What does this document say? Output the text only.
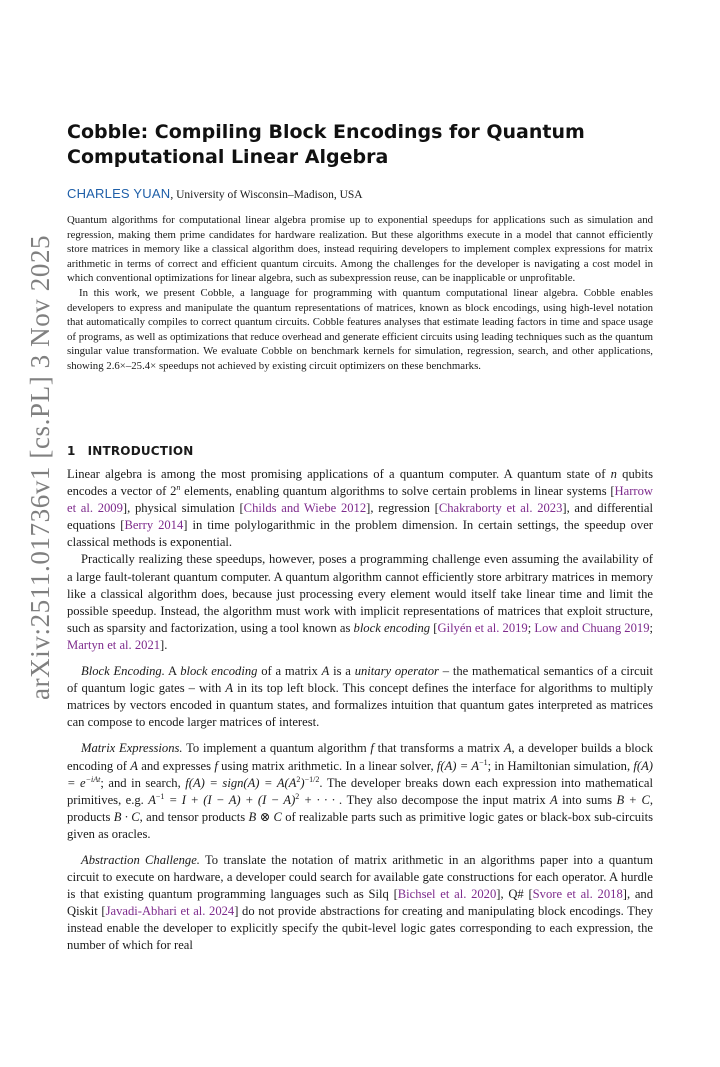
arXiv:2511.01736v1 [cs.PL] 3 Nov 2025
Cobble: Compiling Block Encodings for Quantum Computational Linear Algebra
CHARLES YUAN, University of Wisconsin–Madison, USA

Quantum algorithms for computational linear algebra promise up to exponential speedups for applications such as simulation and regression, making them prime candidates for hardware realization. But these algorithms execute in a model that cannot efficiently store matrices in memory like a classical algorithm does, instead requiring developers to implement complex expressions for matrix arithmetic in terms of correct and efficient quantum circuits. Among the challenges for the developer is navigating a cost model in which conventional optimizations for linear algebra, such as subexpression reuse, can be inapplicable or unprofitable.

In this work, we present Cobble, a language for programming with quantum computational linear algebra. Cobble enables developers to express and manipulate the quantum representations of matrices, known as block encodings, using high-level notation that automatically compiles to correct quantum circuits. Cobble features analyses that estimate leading factors in time and space usage of programs, as well as optimizations that reduce overhead and generate efficient circuits using leading techniques such as the quantum singular value transformation. We evaluate Cobble on benchmark kernels for simulation, regression, search, and other applications, showing 2.6×–25.4× speedups not achieved by existing circuit optimizers on these benchmarks.

1 INTRODUCTION

Linear algebra is among the most promising applications of a quantum computer. A quantum state of n qubits encodes a vector of 2$^n$ elements, enabling quantum algorithms to solve certain problems in linear systems [Harrow et al. 2009], physical simulation [Childs and Wiebe 2012], regression [Chakraborty et al. 2023], and differential equations [Berry 2014] in time polylogarithmic in the problem dimension. In certain settings, the speedup over classical methods is exponential.

Practically realizing these speedups, however, poses a programming challenge even assuming the availability of a large fault-tolerant quantum computer. A quantum algorithm cannot efficiently store arbitrary matrices in memory like a classical algorithm does, because just processing every element would itself take linear time and limit the possible speedup. Instead, the algorithm must work with implicit representations of matrices that exploit structure, such as sparsity and factorization, using a tool known as block encoding [Gilyén et al. 2019; Low and Chuang 2019; Martyn et al. 2021].

Block Encoding. A block encoding of a matrix A is a unitary operator – the mathematical semantics of a circuit of quantum logic gates – with A in its top left block. This concept defines the interface for algorithms to multiply matrices by vectors encoded in quantum states, and formalizes intuition that quantum gates interpreted as matrices can compose to encode larger matrices of interest.

Matrix Expressions. To implement a quantum algorithm f that transforms a matrix A, a developer builds a block encoding of A and expresses f using matrix arithmetic. In a linear solver, $f(A) = A^{-1}$; in Hamiltonian simulation, $f(A) = e^{-iAt}$; and in search, f(A) = sign(A) = $A(A^2)^{-1/2}$. The developer breaks down each expression into mathematical primitives, e.g. $A^{-1} = I + (I - A) + (I - A)^2$ + · · · . They also decompose the input matrix A into sums B + C, products B · C, and tensor products B ⊗ C of realizable parts such as primitive logic gates or black-box sub-circuits given as oracles.

Abstraction Challenge. To translate the notation of matrix arithmetic in an algorithms paper into a quantum circuit to execute on hardware, a developer could search for available gate constructions for each operator. A hurdle is that existing quantum programming languages such as Silq [Bichsel et al. 2020], Q# [Svore et al. 2018], and Qiskit [Javadi-Abhari et al. 2024] do not provide abstractions for creating and manipulating block encodings. They instead enable the developer to explicitly specify the qubit-level logic gates corresponding to each expression, the number of which for real
